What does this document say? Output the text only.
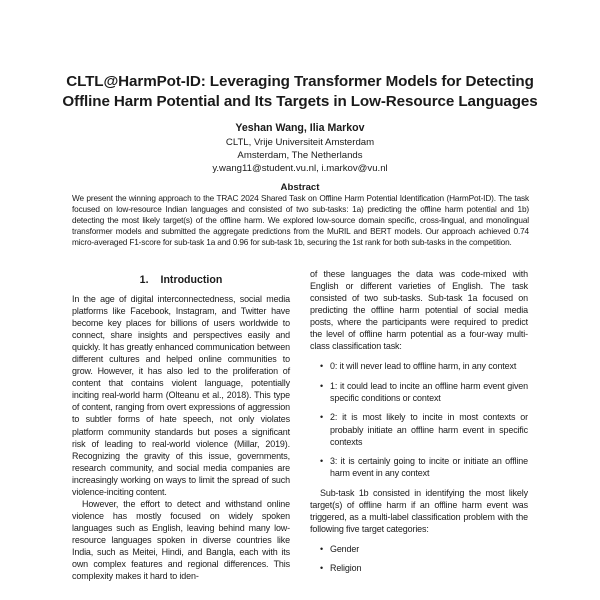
CLTL@HarmPot-ID: Leveraging Transformer Models for Detecting
Offline Harm Potential and Its Targets in Low-Resource Languages
Yeshan Wang, Ilia Markov
CLTL, Vrije Universiteit Amsterdam
Amsterdam, The Netherlands
y.wang11@student.vu.nl, i.markov@vu.nl
Abstract
We present the winning approach to the TRAC 2024 Shared Task on Offline Harm Potential Identification (HarmPot-ID). The task focused on low-resource Indian languages and consisted of two sub-tasks: 1a) predicting the offline harm potential and 1b) detecting the most likely target(s) of the offline harm. We explored low-source domain specific, cross-lingual, and monolingual transformer models and submitted the aggregate predictions from the MuRIL and BERT models. Our approach achieved 0.74 micro-averaged F1-score for sub-task 1a and 0.96 for sub-task 1b, securing the 1st rank for both sub-tasks in the competition.
1. Introduction

In the age of digital interconnectedness, social media platforms like Facebook, Instagram, and Twitter have become key places for billions of users worldwide to connect, share insights and perspectives easily and quickly. It has greatly enhanced communication between different cultures and helped online communities to grow. However, it has also led to the proliferation of content that contains violent language, potentially inciting real-world harm (Olteanu et al., 2018). This type of content, ranging from overt expressions of aggression to subtler forms of hate speech, not only violates platform community standards but poses a significant risk of leading to real-world violence (Millar, 2019). Recognizing the gravity of this issue, governments, research community, and social media companies are increasingly working on ways to limit the spread of such violence-inciting content.

However, the effort to detect and withstand online violence has mostly focused on widely spoken languages such as English, leaving behind many low-resource languages spoken in diverse countries like India, such as Meitei, Hindi, and Bangla, each with its own complex features and regional differences. This complexity makes it hard to iden-

of these languages the data was code-mixed with English or different varieties of English. The task consisted of two sub-tasks. Sub-task 1a focused on predicting the offline harm potential of social media posts, where the participants were required to predict the level of offline harm potential as a four-way multi-class classification task:

• 0: it will never lead to offline harm, in any context
• 1: it could lead to incite an offline harm event given specific conditions or context
• 2: it is most likely to incite in most contexts or probably initiate an offline harm event in specific contexts
• 3: it is certainly going to incite or initiate an offline harm event in any context

Sub-task 1b consisted in identifying the most likely target(s) of offline harm if an offline harm event was triggered, as a multi-label classification problem with the following five target categories:

• Gender
• Religion
